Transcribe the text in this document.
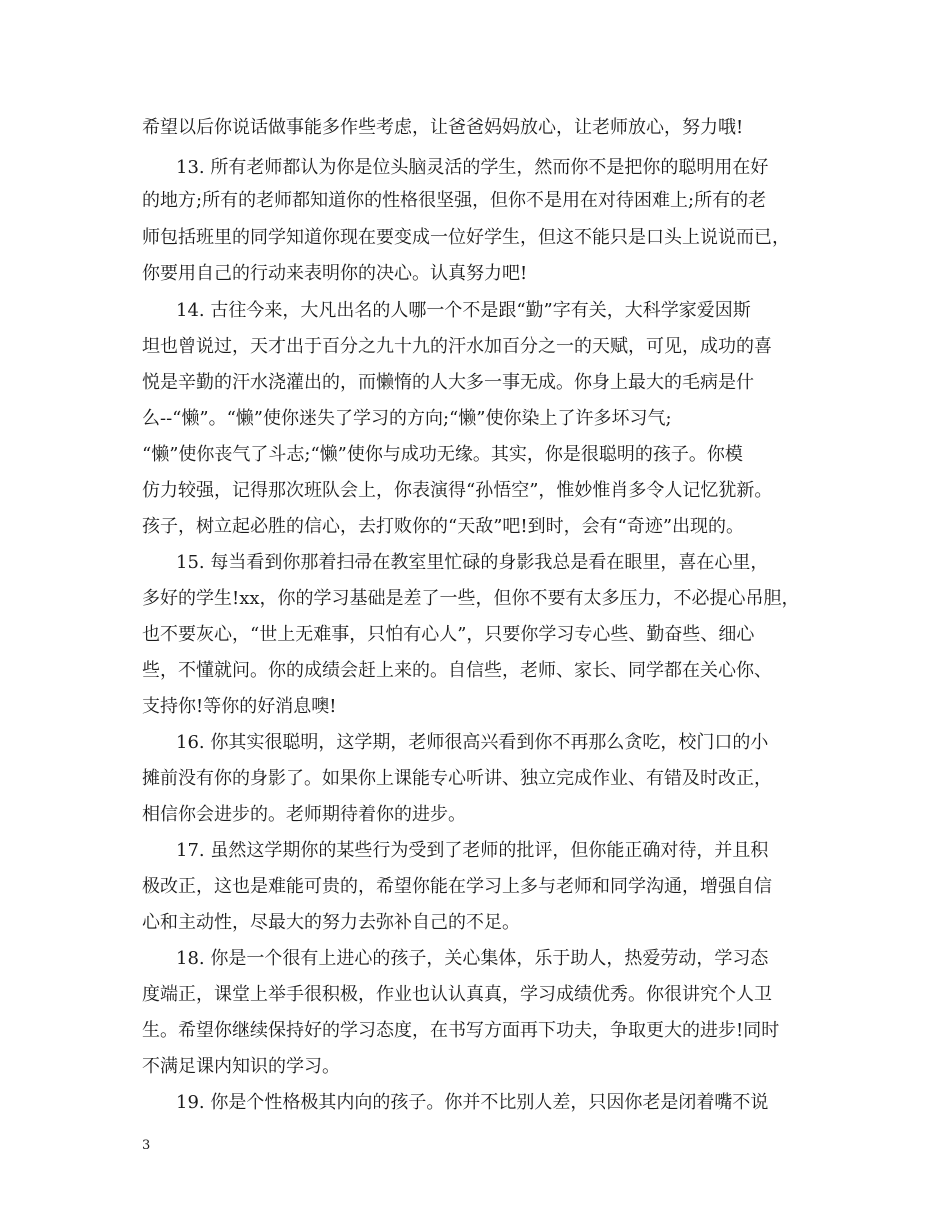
希望以后你说话做事能多作些考虑，让爸爸妈妈放心，让老师放心，努力哦!
13. 所有老师都认为你是位头脑灵活的学生，然而你不是把你的聪明用在好
的地方;所有的老师都知道你的性格很坚强，但你不是用在对待困难上;所有的老
师包括班里的同学知道你现在要变成一位好学生，但这不能只是口头上说说而已，
你要用自己的行动来表明你的决心。认真努力吧!
14. 古往今来，大凡出名的人哪一个不是跟“勤”字有关，大科学家爱因斯
坦也曾说过，天才出于百分之九十九的汗水加百分之一的天赋，可见，成功的喜
悦是辛勤的汗水浇灌出的，而懒惰的人大多一事无成。你身上最大的毛病是什
么--“懒”。“懒”使你迷失了学习的方向;“懒”使你染上了许多坏习气;
“懒”使你丧气了斗志;“懒”使你与成功无缘。其实，你是很聪明的孩子。你模
仿力较强，记得那次班队会上，你表演得“孙悟空”，惟妙惟肖多令人记忆犹新。
孩子，树立起必胜的信心，去打败你的“天敌”吧!到时，会有“奇迹”出现的。
15. 每当看到你那着扫帚在教室里忙碌的身影我总是看在眼里，喜在心里，
多好的学生!xx，你的学习基础是差了一些，但你不要有太多压力，不必提心吊胆，
也不要灰心，“世上无难事，只怕有心人”，只要你学习专心些、勤奋些、细心
些，不懂就问。你的成绩会赶上来的。自信些，老师、家长、同学都在关心你、
支持你!等你的好消息噢!
16. 你其实很聪明，这学期，老师很高兴看到你不再那么贪吃，校门口的小
摊前没有你的身影了。如果你上课能专心听讲、独立完成作业、有错及时改正，
相信你会进步的。老师期待着你的进步。
17. 虽然这学期你的某些行为受到了老师的批评，但你能正确对待，并且积
极改正，这也是难能可贵的，希望你能在学习上多与老师和同学沟通，增强自信
心和主动性，尽最大的努力去弥补自己的不足。
18. 你是一个很有上进心的孩子，关心集体，乐于助人，热爱劳动，学习态
度端正，课堂上举手很积极，作业也认认真真，学习成绩优秀。你很讲究个人卫
生。希望你继续保持好的学习态度，在书写方面再下功夫，争取更大的进步!同时
不满足课内知识的学习。
19. 你是个性格极其内向的孩子。你并不比别人差，只因你老是闭着嘴不说
3
